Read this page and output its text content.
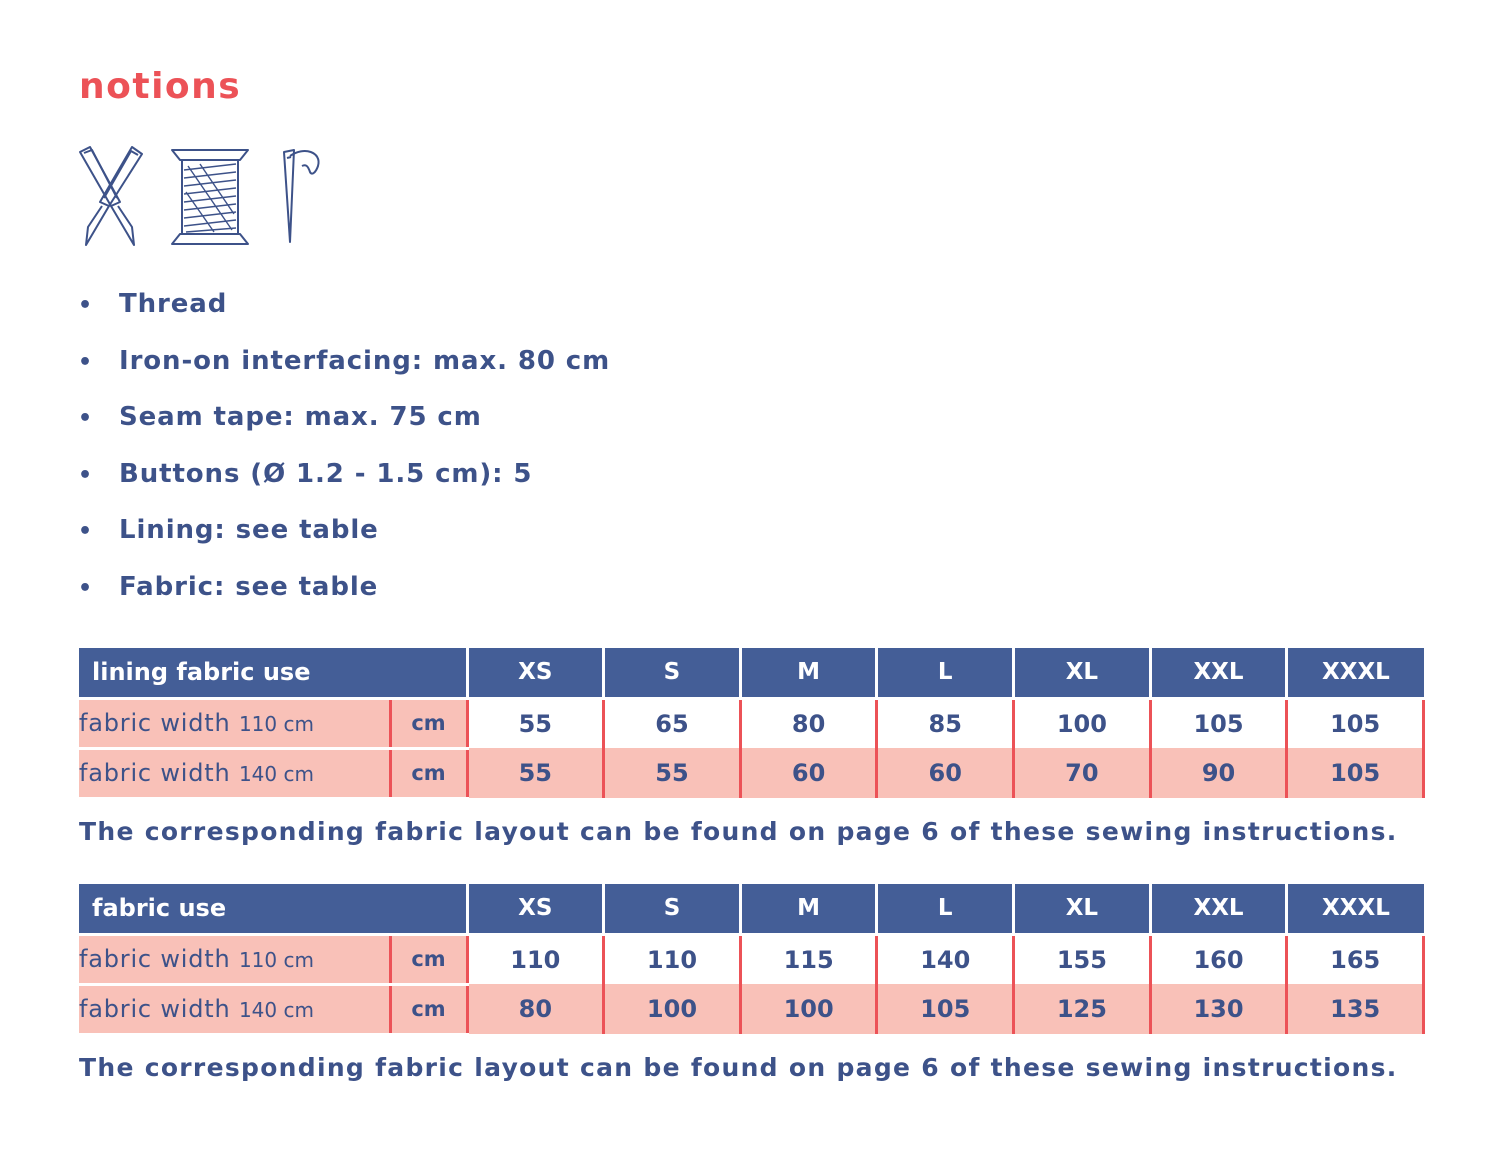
notions
• Thread
• Iron-on interfacing: max. 80 cm
• Seam tape: max. 75 cm
• Buttons (Ø 1.2 - 1.5 cm): 5
• Lining: see table
• Fabric: see table
lining fabric use		XS	S	M	L	XL	XXL	XXXL
fabric width 110 cm	cm	55	65	80	85	100	105	105
fabric width 140 cm	cm	55	55	60	60	70	90	105

The corresponding fabric layout can be found on page 6 of these sewing instructions.

fabric use		XS	S	M	L	XL	XXL	XXXL
fabric width 110 cm	cm	110	110	115	140	155	160	165
fabric width 140 cm	cm	80	100	100	105	125	130	135

The corresponding fabric layout can be found on page 6 of these sewing instructions.
